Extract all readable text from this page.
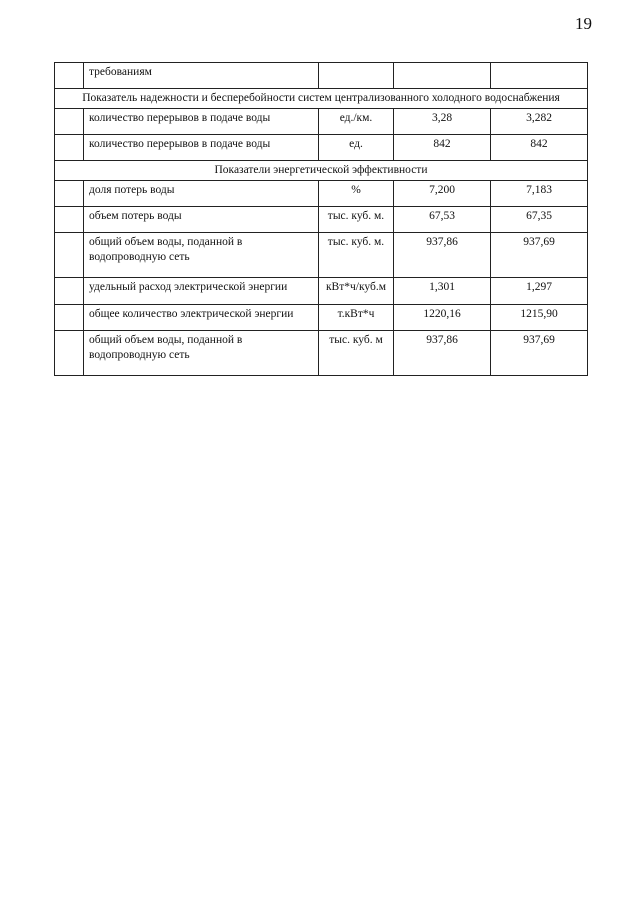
19
	требованиям			
Показатель надежности и бесперебойности систем централизованного холодного водоснабжения				
	количество перерывов в подаче воды	ед./км.	3,28	3,282
	количество перерывов в подаче воды	ед.	842	842
Показатели энергетической эффективности				
	доля потерь воды	%	7,200	7,183
	объем потерь воды	тыс. куб. м.	67,53	67,35
	общий объем воды, поданной в водопроводную сеть	тыс. куб. м.	937,86	937,69
	удельный расход электрической энергии	кВт*ч/куб.м	1,301	1,297
	общее количество электрической энергии	т.кВт*ч	1220,16	1215,90
	общий объем воды, поданной в водопроводную сеть	тыс. куб. м	937,86	937,69
